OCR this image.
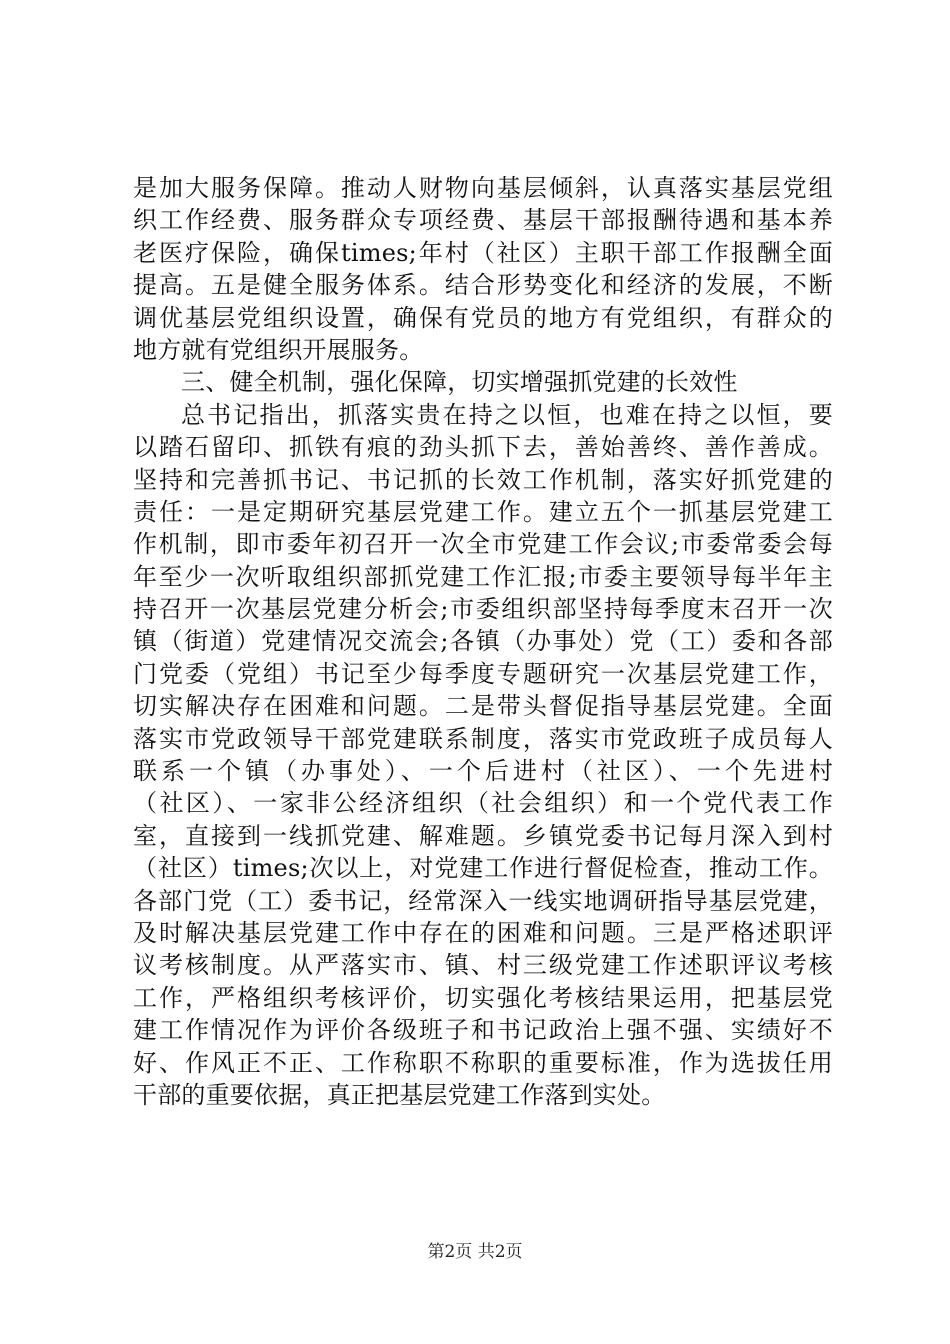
是加大服务保障。推动人财物向基层倾斜，认真落实基层党组
织工作经费、服务群众专项经费、基层干部报酬待遇和基本养
老医疗保险，确保times;年村（社区）主职干部工作报酬全面
提高。五是健全服务体系。结合形势变化和经济的发展，不断
调优基层党组织设置，确保有党员的地方有党组织，有群众的
地方就有党组织开展服务。
三、健全机制，强化保障，切实增强抓党建的长效性
总书记指出，抓落实贵在持之以恒，也难在持之以恒，要
以踏石留印、抓铁有痕的劲头抓下去，善始善终、善作善成。
坚持和完善抓书记、书记抓的长效工作机制，落实好抓党建的
责任：一是定期研究基层党建工作。建立五个一抓基层党建工
作机制，即市委年初召开一次全市党建工作会议;市委常委会每
年至少一次听取组织部抓党建工作汇报;市委主要领导每半年主
持召开一次基层党建分析会;市委组织部坚持每季度末召开一次
镇（街道）党建情况交流会;各镇（办事处）党（工）委和各部
门党委（党组）书记至少每季度专题研究一次基层党建工作，
切实解决存在困难和问题。二是带头督促指导基层党建。全面
落实市党政领导干部党建联系制度，落实市党政班子成员每人
联系一个镇（办事处）、一个后进村（社区）、一个先进村
（社区）、一家非公经济组织（社会组织）和一个党代表工作
室，直接到一线抓党建、解难题。乡镇党委书记每月深入到村
（社区）times;次以上，对党建工作进行督促检查，推动工作。
各部门党（工）委书记，经常深入一线实地调研指导基层党建，
及时解决基层党建工作中存在的困难和问题。三是严格述职评
议考核制度。从严落实市、镇、村三级党建工作述职评议考核
工作，严格组织考核评价，切实强化考核结果运用，把基层党
建工作情况作为评价各级班子和书记政治上强不强、实绩好不
好、作风正不正、工作称职不称职的重要标准，作为选拔任用
干部的重要依据，真正把基层党建工作落到实处。
第2页 共2页
